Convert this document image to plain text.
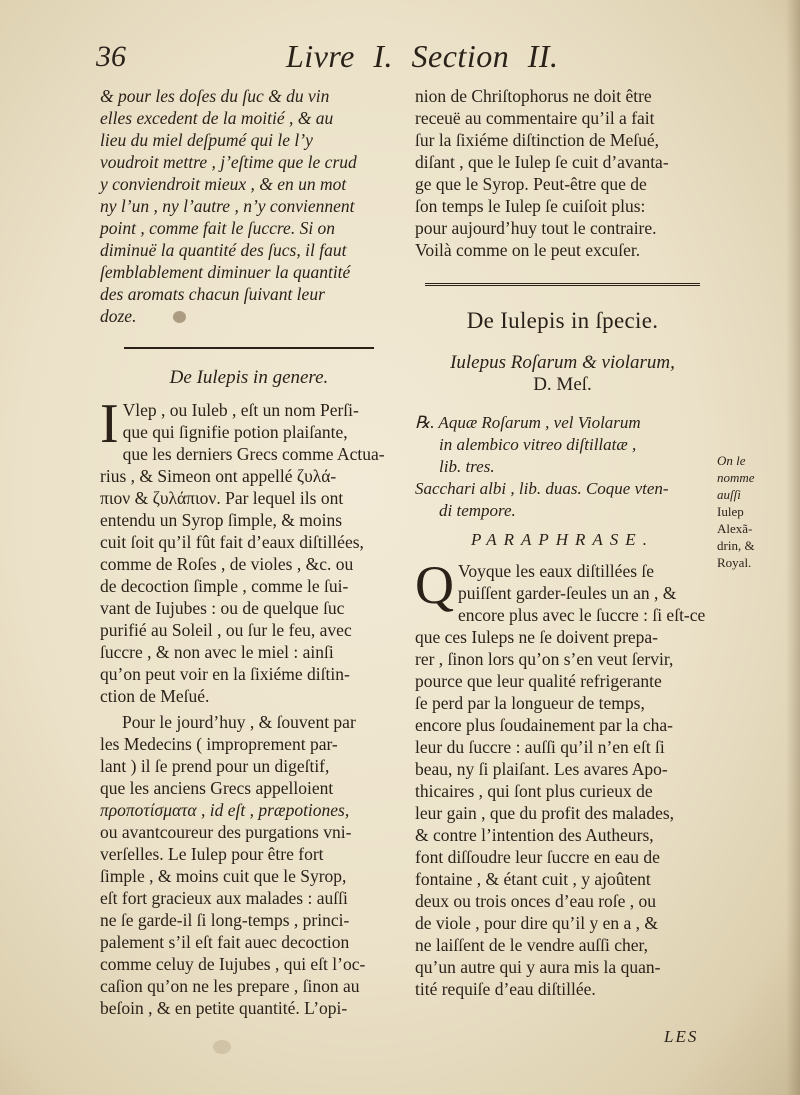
36	Livre I. Section II.

& pour les doſes du ſuc & du vin

elles excedent de la moitié , & au

lieu du miel deſpumé qui le l’y

voudroit mettre , j’eſtime que le crud

y conviendroit mieux , & en un mot

ny l’un , ny l’autre , n’y conviennent

point , comme fait le ſuccre. Si on

diminuë la quantité des ſucs, il faut

ſemblablement diminuer la quantité

des aromats chacun ſuivant leur

doze.

De Iulepis in genere.

I Vlep , ou Iuleb , eſt un nom Perſi-

que qui ſignifie potion plaiſante,

que les derniers Grecs comme Actua-

rius , & Simeon ont appellé ζυλά-

πιον & ζυλάπιον. Par lequel ils ont

entendu un Syrop ſimple, & moins

cuit ſoit qu’il fût fait d’eaux diſtillées,

comme de Roſes , de violes , &c. ou

de decoction ſimple , comme le ſui-

vant de Iujubes : ou de quelque ſuc

purifié au Soleil , ou ſur le feu, avec

ſuccre , & non avec le miel : ainſi

qu’on peut voir en la ſixiéme diſtin-

ction de Meſué.

Pour le jourd’huy , & ſouvent par

les Medecins ( improprement par-

lant ) il ſe prend pour un digeſtif,

que les anciens Grecs appelloient

προποτίσματα , id eſt , præpotiones,

ou avantcoureur des purgations vni-

verſelles. Le Iulep pour être fort

ſimple , & moins cuit que le Syrop,

eſt fort gracieux aux malades : auſſi

ne ſe garde-il ſi long-temps , princi-

palement s’il eſt fait auec decoction

comme celuy de Iujubes , qui eſt l’oc-

caſion qu’on ne les prepare , ſinon au

beſoin , & en petite quantité. L’opi-

nion de Chriſtophorus ne doit être

receuë au commentaire qu’il a fait

ſur la ſixiéme diſtinction de Meſué,

diſant , que le Iulep ſe cuit d’avanta-

ge que le Syrop. Peut-être que de

ſon temps le Iulep ſe cuiſoit plus:

pour aujourd’huy tout le contraire.

Voilà comme on le peut excuſer.

De Iulepis in ſpecie.

Iulepus Roſarum & violarum,

D. Meſ.

℞. Aquæ Roſarum , vel Violarum

in alembico vitreo diſtillatæ ,

lib. tres.

Sacchari albi , lib. duas. Coque vten-

di tempore.

PARAPHRASE.

Q Voyque les eaux diſtillées ſe

puiſſent garder-ſeules un an , &

encore plus avec le ſuccre : ſi eſt-ce

que ces Iuleps ne ſe doivent prepa-

rer , ſinon lors qu’on s’en veut ſervir,

pource que leur qualité refrigerante

ſe perd par la longueur de temps,

encore plus ſoudainement par la cha-

leur du ſuccre : auſſi qu’il n’en eſt ſi

beau, ny ſi plaiſant. Les avares Apo-

thicaires , qui ſont plus curieux de

leur gain , que du profit des malades,

& contre l’intention des Autheurs,

font diſſoudre leur ſuccre en eau de

fontaine , & étant cuit , y ajoûtent

deux ou trois onces d’eau roſe , ou

de viole , pour dire qu’il y en a , &

ne laiſſent de le vendre auſſi cher,

qu’un autre qui y aura mis la quan-

tité requiſe d’eau diſtillée.

On le
nomme
auſſi
Iulep
Alexã-
drin, &
Royal.
LES
